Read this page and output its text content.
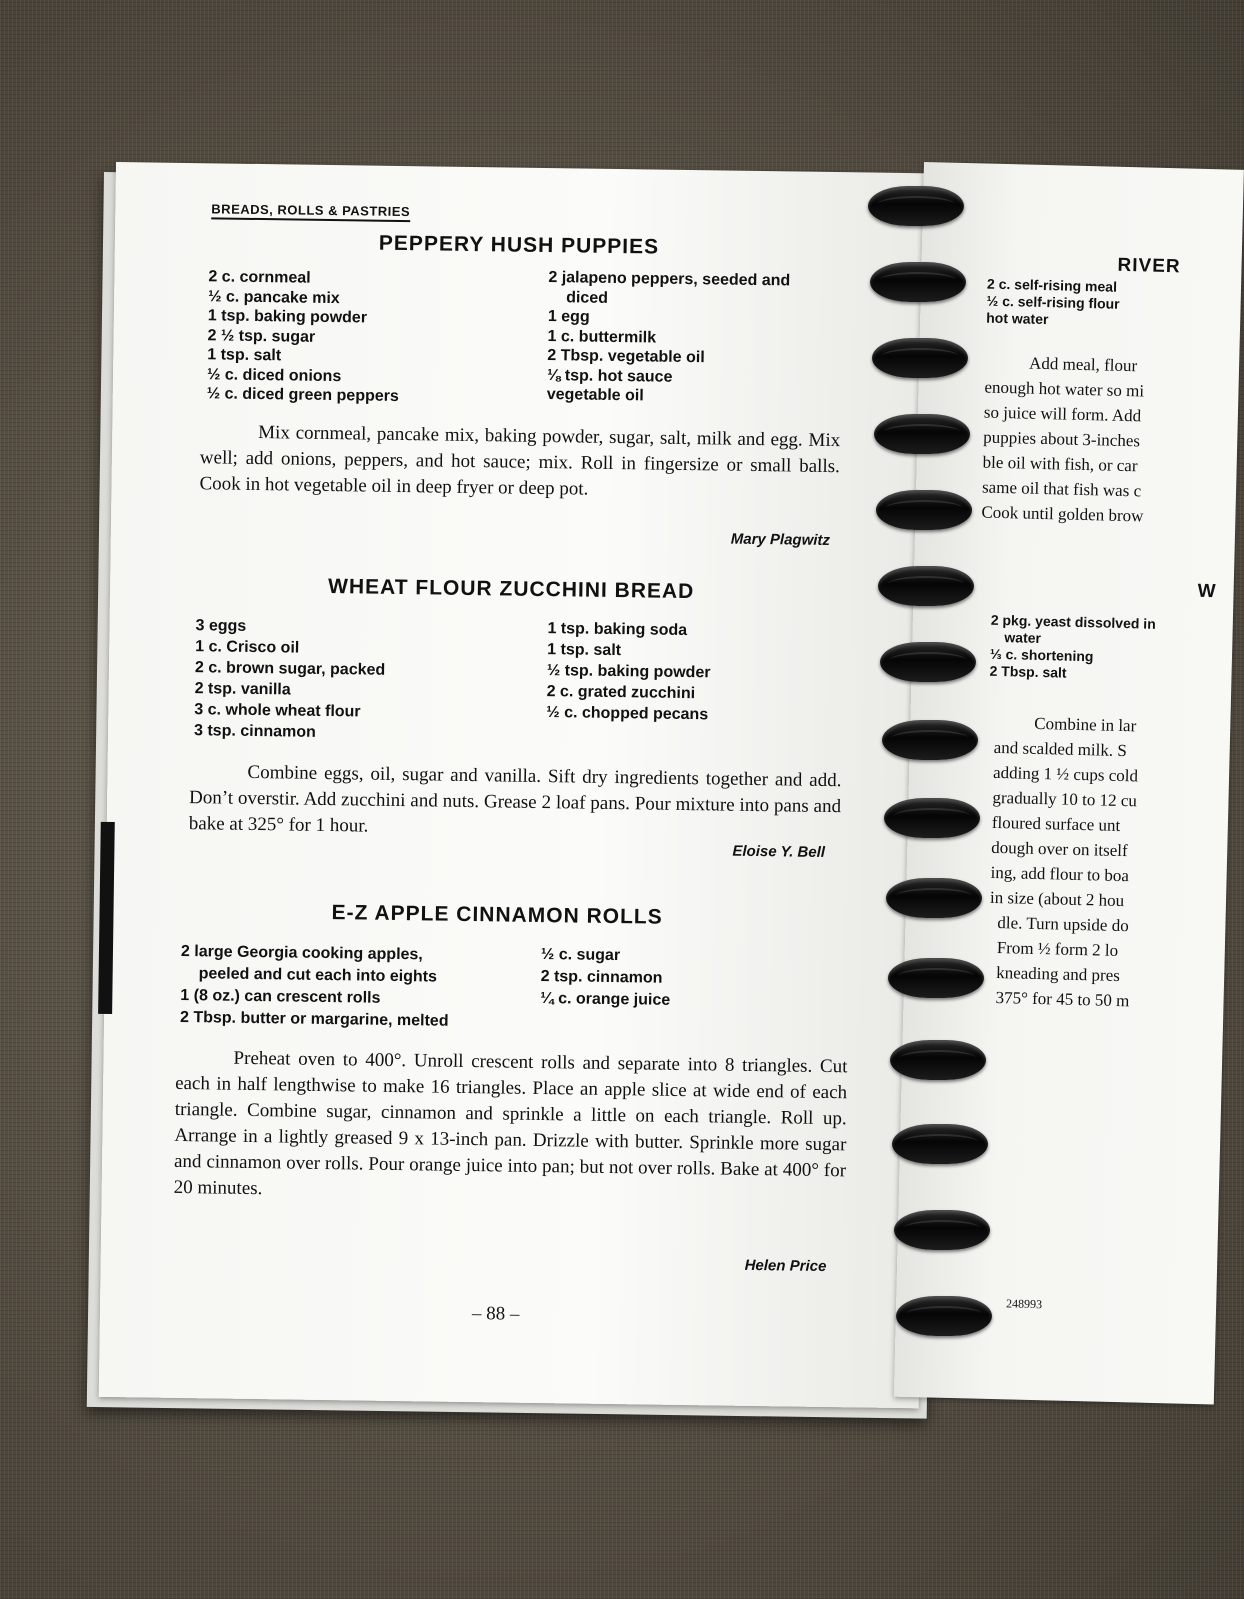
BREADS, ROLLS & PASTRIES
PEPPERY HUSH PUPPIES
2 c. cornmeal
½ c. pancake mix
1 tsp. baking powder
2 ½ tsp. sugar
1 tsp. salt
½ c. diced onions
½ c. diced green peppers
2 jalapeno peppers, seeded and
diced
1 egg
1 c. buttermilk
2 Tbsp. vegetable oil
⅛ tsp. hot sauce
vegetable oil
Mix cornmeal, pancake mix, baking powder, sugar, salt, milk and egg. Mix well; add onions, peppers, and hot sauce; mix. Roll in fingersize or small balls. Cook in hot vegetable oil in deep fryer or deep pot.
Mary Plagwitz
WHEAT FLOUR ZUCCHINI BREAD
3 eggs
1 c. Crisco oil
2 c. brown sugar, packed
2 tsp. vanilla
3 c. whole wheat flour
3 tsp. cinnamon
1 tsp. baking soda
1 tsp. salt
½ tsp. baking powder
2 c. grated zucchini
½ c. chopped pecans
Combine eggs, oil, sugar and vanilla. Sift dry ingredients together and add. Don’t overstir. Add zucchini and nuts. Grease 2 loaf pans. Pour mixture into pans and bake at 325° for 1 hour.
Eloise Y. Bell
E-Z APPLE CINNAMON ROLLS
2 large Georgia cooking apples,
peeled and cut each into eights
1 (8 oz.) can crescent rolls
2 Tbsp. butter or margarine, melted
½ c. sugar
2 tsp. cinnamon
¼ c. orange juice
Preheat oven to 400°. Unroll crescent rolls and separate into 8 triangles. Cut each in half lengthwise to make 16 triangles. Place an apple slice at wide end of each triangle. Combine sugar, cinnamon and sprinkle a little on each triangle. Roll up. Arrange in a lightly greased 9 x 13-inch pan. Drizzle with butter. Sprinkle more sugar and cinnamon over rolls. Pour orange juice into pan; but not over rolls. Bake at 400° for 20 minutes.
Helen Price
– 88 –
RIVER
2 c. self-rising meal
½ c. self-rising flour
hot water
Add meal, flour
enough hot water so mi
so juice will form. Add
puppies about 3-inches
ble oil with fish, or car
same oil that fish was c
Cook until golden brow
W
2 pkg. yeast dissolved in
water
⅓ c. shortening
2 Tbsp. salt
Combine in lar
and scalded milk. S
adding 1 ½ cups cold
gradually 10 to 12 cu
floured surface unt
dough over on itself
ing, add flour to boa
in size (about 2 hou
dle. Turn upside do
From ½ form 2 lo
kneading and pres
375° for 45 to 50 m
248993
